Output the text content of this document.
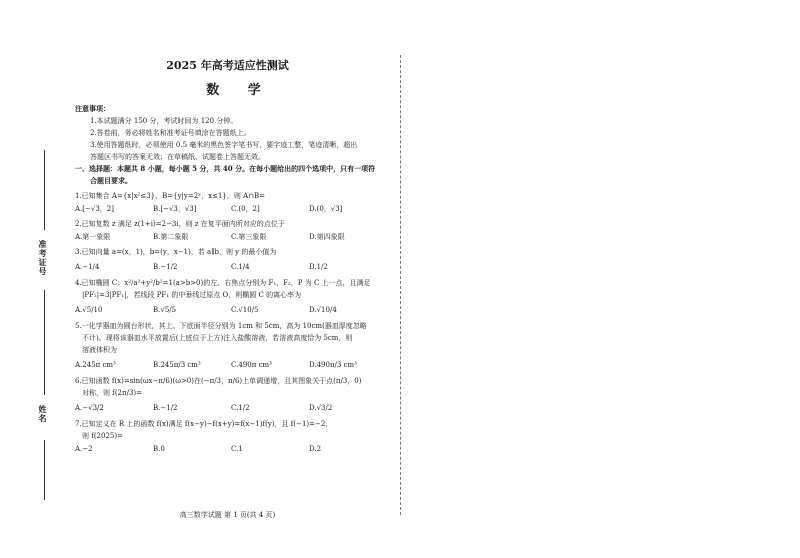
准考证号
姓名
2025 年高考适应性测试
数 学
注意事项：
1.本试题满分 150 分，考试时间为 120 分钟。
2.答卷前，务必将姓名和准考证号填涂在答题纸上。
3.使用答题纸时，必须使用 0.5 毫米的黑色签字笔书写，要字迹工整，笔迹清晰，超出
答题区书写的答案无效；在草稿纸、试题卷上答题无效。
一、选择题：本题共 8 小题，每小题 5 分，共 40 分。在每小题给出的四个选项中，只有一项符
合题目要求。
1.已知集合 A={x|x²≤3}，B={y|y=2ˣ，x≤1}，则 A∩B=
A.[−√3，2]	B.[−√3，√3]	C.(0，2]	D.(0，√3]
2.已知复数 z 满足 z(1+i)=2−3i，则 z 在复平面内所对应的点位于
A.第一象限	B.第二象限	C.第三象限	D.第四象限
3.已知向量 a=(x，1)，b=(y，x−1)，若 a∥b，则 y 的最小值为
A.−1/4	B.−1/2	C.1/4	D.1/2
4.已知椭圆 C：x²/a²+y²/b²=1(a>b>0)的左、右焦点分别为 F₁，F₂，P 为 C 上一点，且满足
|PF₂|=3|PF₁|，若线段 PF₁ 的中垂线过原点 O，则椭圆 C 的离心率为
A.√5/10	B.√5/5	C.√10/5	D.√10/4
5.一化学器皿为圆台形状，其上、下底面半径分别为 1cm 和 5cm，高为 10cm(器皿厚度忽略
不计)。现将该器皿水平放置后(上底位于上方)注入盐酸溶液，若溶液高度恰为 5cm，则
溶液体积为
A.245π cm³	B.245π/3 cm³	C.490π cm³	D.490π/3 cm³
6.已知函数 f(x)=sin(ωx−π/6)(ω>0)在(−π/3，π/6)上单调递增，且其图象关于点(π/3，0)
对称，则 f(2π/3)=
A.−√3/2	B.−1/2	C.1/2	D.√3/2
7.已知定义在 R 上的函数 f(x)满足 f(x−y)−f(x+y)=f(x−1)f(y)，且 f(−1)=−2，
则 f(2025)=
A.−2	B.0	C.1	D.2
高三数学试题 第 1 页(共 4 页)
